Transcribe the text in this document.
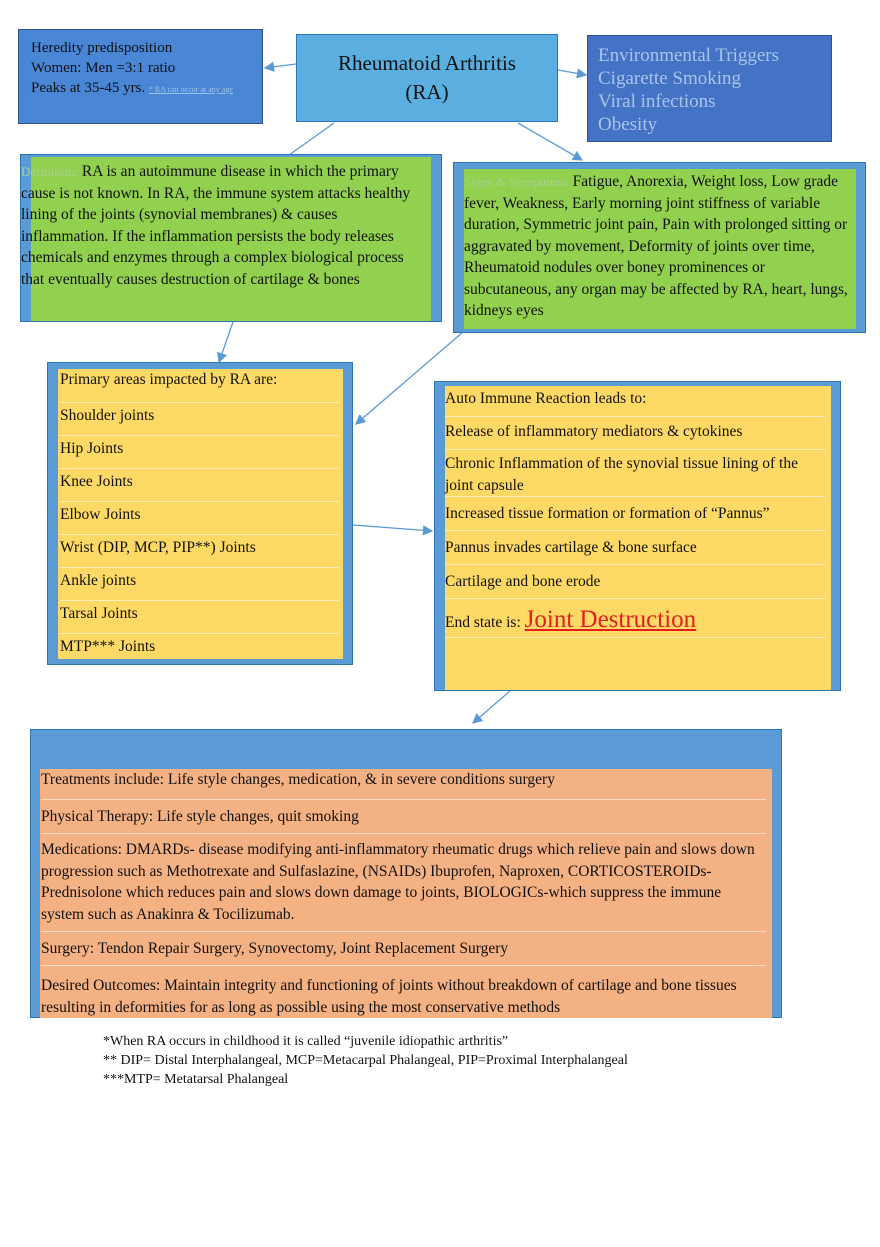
Heredity predisposition
Women: Men =3:1 ratio
Peaks at 35-45 yrs. * RA can occur at any age
Rheumatoid Arthritis
(RA)
Environmental Triggers
Cigarette Smoking
Viral infections
Obesity
Definition: RA is an autoimmune disease in which the primary cause is not known. In RA, the immune system attacks healthy lining of the joints (synovial membranes) & causes inflammation. If the inflammation persists the body releases chemicals and enzymes through a complex biological process that eventually causes destruction of cartilage & bones
Signs & Symptoms: Fatigue, Anorexia, Weight loss, Low grade fever, Weakness, Early morning joint stiffness of variable duration, Symmetric joint pain, Pain with prolonged sitting or aggravated by movement, Deformity of joints over time, Rheumatoid nodules over boney prominences or subcutaneous, any organ may be affected by RA, heart, lungs, kidneys eyes
Primary areas impacted by RA are:
Shoulder joints
Hip Joints
Knee Joints
Elbow Joints
Wrist (DIP, MCP, PIP**) Joints
Ankle joints
Tarsal Joints
MTP*** Joints
Auto Immune Reaction leads to:
Release of inflammatory mediators & cytokines
Chronic Inflammation of the synovial tissue lining of the joint capsule
Increased tissue formation or formation of “Pannus”
Pannus invades cartilage & bone surface
Cartilage and bone erode
End state is: Joint Destruction
Treatments include: Life style changes, medication, & in severe conditions surgery
Physical Therapy: Life style changes, quit smoking
Medications: DMARDs- disease modifying anti-inflammatory rheumatic drugs which relieve pain and slows down progression such as Methotrexate and Sulfaslazine, (NSAIDs) Ibuprofen, Naproxen, CORTICOSTEROIDs- Prednisolone which reduces pain and slows down damage to joints, BIOLOGICs-which suppress the immune system such as Anakinra & Tocilizumab.
Surgery: Tendon Repair Surgery, Synovectomy, Joint Replacement Surgery
Desired Outcomes: Maintain integrity and functioning of joints without breakdown of cartilage and bone tissues resulting in deformities for as long as possible using the most conservative methods
*When RA occurs in childhood it is called “juvenile idiopathic arthritis”
** DIP= Distal Interphalangeal, MCP=Metacarpal Phalangeal, PIP=Proximal Interphalangeal
***MTP= Metatarsal Phalangeal
